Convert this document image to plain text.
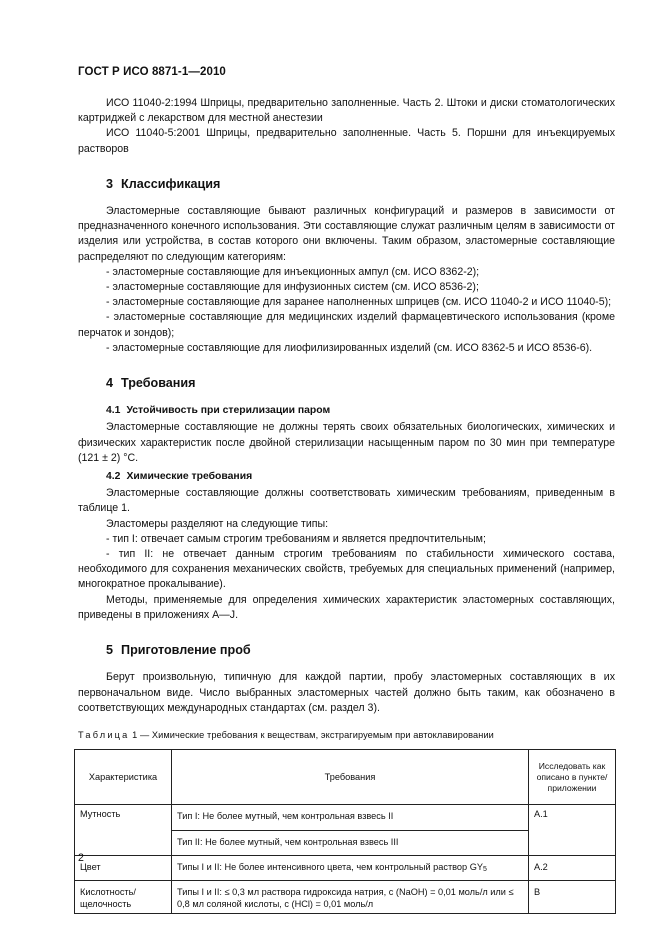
ГОСТ Р ИСО 8871-1—2010

ИСО 11040-2:1994 Шприцы, предварительно заполненные. Часть 2. Штоки и диски стоматологических картриджей с лекарством для местной анестезии

ИСО 11040-5:2001 Шприцы, предварительно заполненные. Часть 5. Поршни для инъекцируемых растворов

3 Классификация

Эластомерные составляющие бывают различных конфигураций и размеров в зависимости от предназначенного конечного использования. Эти составляющие служат различным целям в зависимости от изделия или устройства, в состав которого они включены. Таким образом, эластомерные составляющие распределяют по следующим категориям:

- эластомерные составляющие для инъекционных ампул (см. ИСО 8362-2);

- эластомерные составляющие для инфузионных систем (см. ИСО 8536-2);

- эластомерные составляющие для заранее наполненных шприцев (см. ИСО 11040-2 и ИСО 11040-5);

- эластомерные составляющие для медицинских изделий фармацевтического использования (кроме перчаток и зондов);

- эластомерные составляющие для лиофилизированных изделий (см. ИСО 8362-5 и ИСО 8536-6).

4 Требования
4.1 Устойчивость при стерилизации паром

Эластомерные составляющие не должны терять своих обязательных биологических, химических и физических характеристик после двойной стерилизации насыщенным паром по 30 мин при температуре (121 ± 2) °С.

4.2 Химические требования

Эластомерные составляющие должны соответствовать химическим требованиям, приведенным в таблице 1.

Эластомеры разделяют на следующие типы:

- тип I: отвечает самым строгим требованиям и является предпочтительным;

- тип II: не отвечает данным строгим требованиям по стабильности химического состава, необходимого для сохранения механических свойств, требуемых для специальных применений (например, многократное прокалывание).

Методы, применяемые для определения химических характеристик эластомерных составляющих, приведены в приложениях А—J.

5 Приготовление проб

Берут произвольную, типичную для каждой партии, пробу эластомерных составляющих в их первоначальном виде. Число выбранных эластомерных частей должно быть таким, как обозначено в соответствующих международных стандартах (см. раздел 3).

Таблица 1 — Химические требования к веществам, экстрагируемым при автоклавировании
Характеристика	Требования	Исследовать как описано в пункте/ приложении
Мутность	Тип I: Не более мутный, чем контрольная взвесь II	А.1
	Тип II: Не более мутный, чем контрольная взвесь III	
Цвет	Типы I и II: Не более интенсивного цвета, чем контрольный раствор GY5	А.2
Кислотность/ щелочность	Типы I и II: ≤ 0,3 мл раствора гидроксида натрия, c (NaOH) = 0,01 моль/л или ≤ 0,8 мл соляной кислоты, c (HCl) = 0,01 моль/л	В
2
